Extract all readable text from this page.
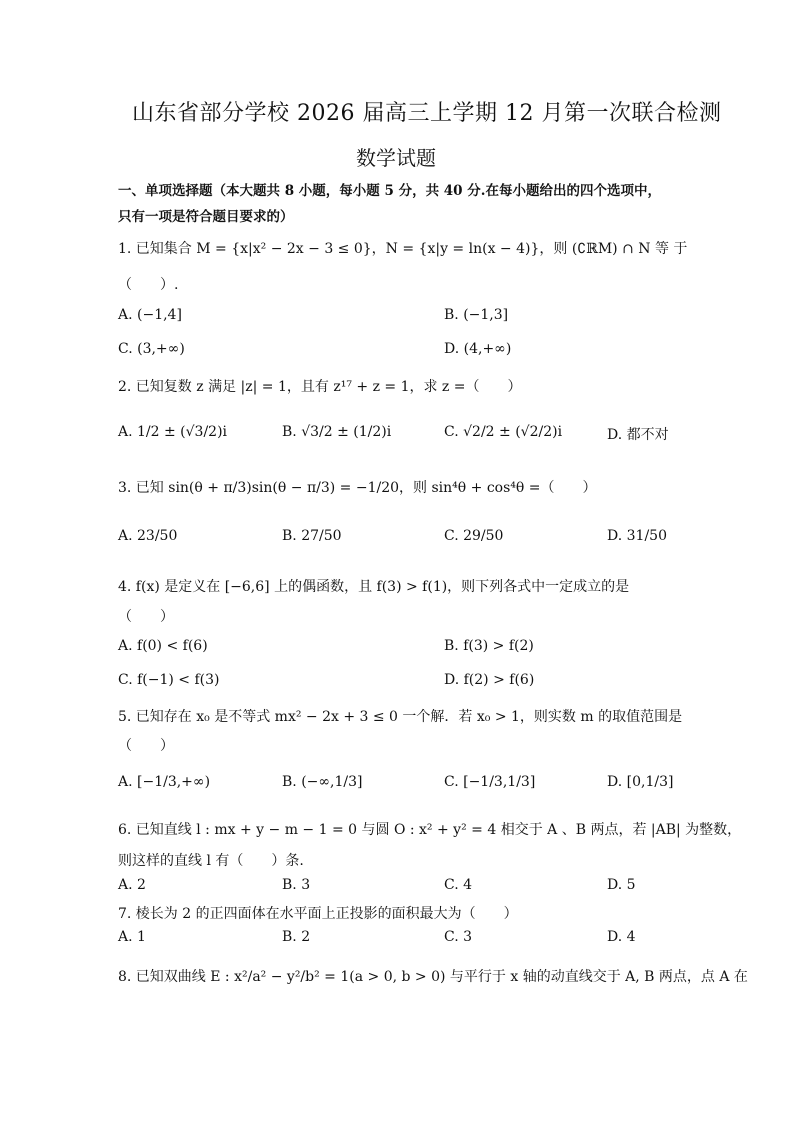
山东省部分学校 2026 届高三上学期 12 月第一次联合检测
数学试题
一、单项选择题（本大题共 8 小题，每小题 5 分，共 40 分.在每小题给出的四个选项中，
只有一项是符合题目要求的）
1. 已知集合 M = {x|x² − 2x − 3 ≤ 0}，N = {x|y = ln(x − 4)}，则 (∁ℝM) ∩ N 等 于
（　　）.
A. (−1,4]	B. (−1,3]
C. (3,+∞)	D. (4,+∞)
2. 已知复数 z 满足 |z| = 1，且有 z¹⁷ + z = 1，求 z =（　　）
A. 1/2 ± (√3/2)i	B. √3/2 ± (1/2)i	C. √2/2 ± (√2/2)i	D. 都不对
3. 已知 sin(θ + π/3)sin(θ − π/3) = −1/20，则 sin⁴θ + cos⁴θ =（　　）
A. 23/50	B. 27/50	C. 29/50	D. 31/50
4. f(x) 是定义在 [−6,6] 上的偶函数，且 f(3) > f(1)，则下列各式中一定成立的是
（　　）
A. f(0) < f(6)	B. f(3) > f(2)
C. f(−1) < f(3)	D. f(2) > f(6)
5. 已知存在 x₀ 是不等式 mx² − 2x + 3 ≤ 0 一个解．若 x₀ > 1，则实数 m 的取值范围是
（　　）
A. [−1/3,+∞)	B. (−∞,1/3]	C. [−1/3,1/3]	D. [0,1/3]
6. 已知直线 l : mx + y − m − 1 = 0 与圆 O : x² + y² = 4 相交于 A 、B 两点，若 |AB| 为整数，
则这样的直线 l 有（　　）条.
A. 2	B. 3	C. 4	D. 5
7. 棱长为 2 的正四面体在水平面上正投影的面积最大为（　　）
A. 1	B. 2	C. 3	D. 4
8. 已知双曲线 E : x²/a² − y²/b² = 1(a > 0, b > 0) 与平行于 x 轴的动直线交于 A, B 两点，点 A 在
